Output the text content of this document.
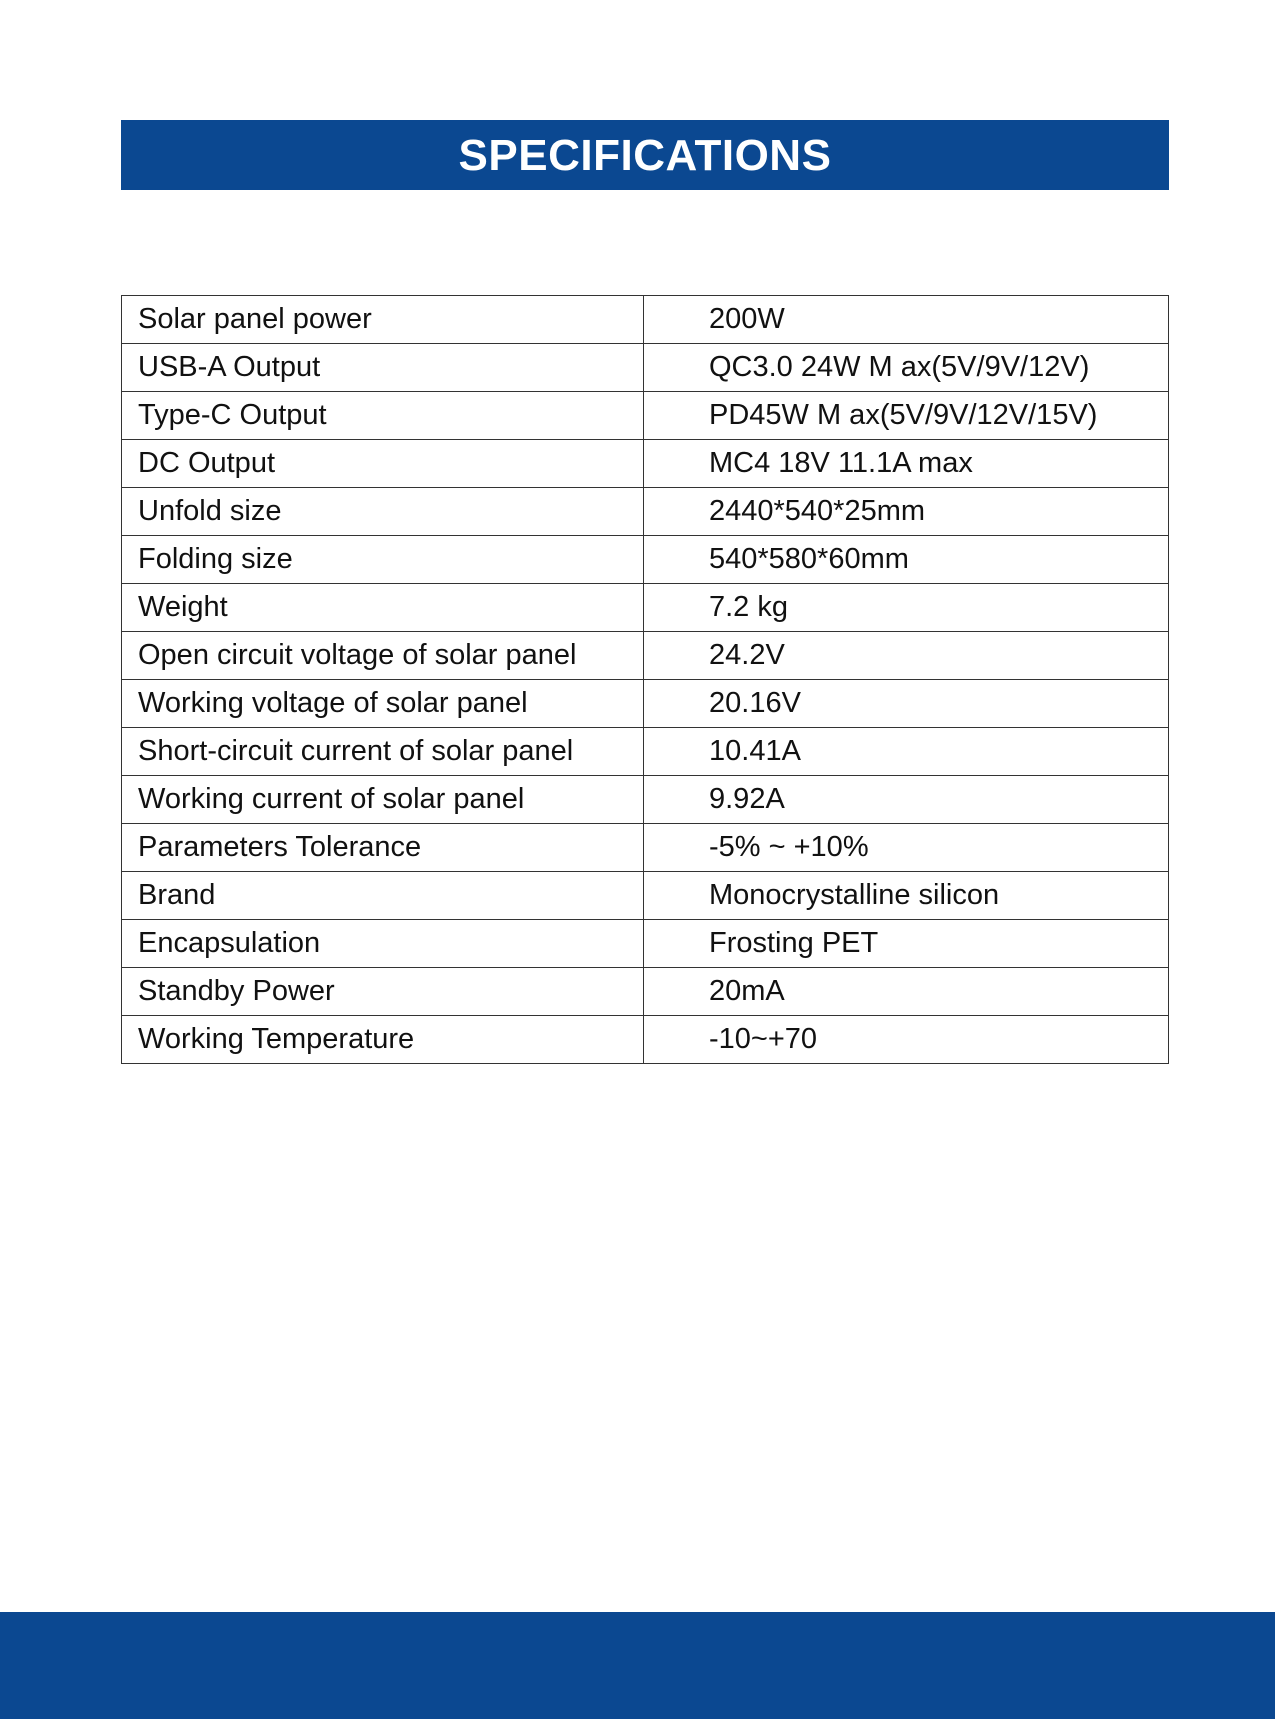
SPECIFICATIONS
Solar panel power	200W
USB-A Output	QC3.0 24W M ax(5V/9V/12V)
Type-C Output	PD45W M ax(5V/9V/12V/15V)
DC Output	MC4 18V 11.1A max
Unfold size	2440*540*25mm
Folding size	540*580*60mm
Weight	7.2 kg
Open circuit voltage of solar panel	24.2V
Working voltage of solar panel	20.16V
Short-circuit current of solar panel	10.41A
Working current of solar panel	9.92A
Parameters Tolerance	-5% ~ +10%
Brand	Monocrystalline silicon
Encapsulation	Frosting PET
Standby Power	20mA
Working Temperature	-10~+70
